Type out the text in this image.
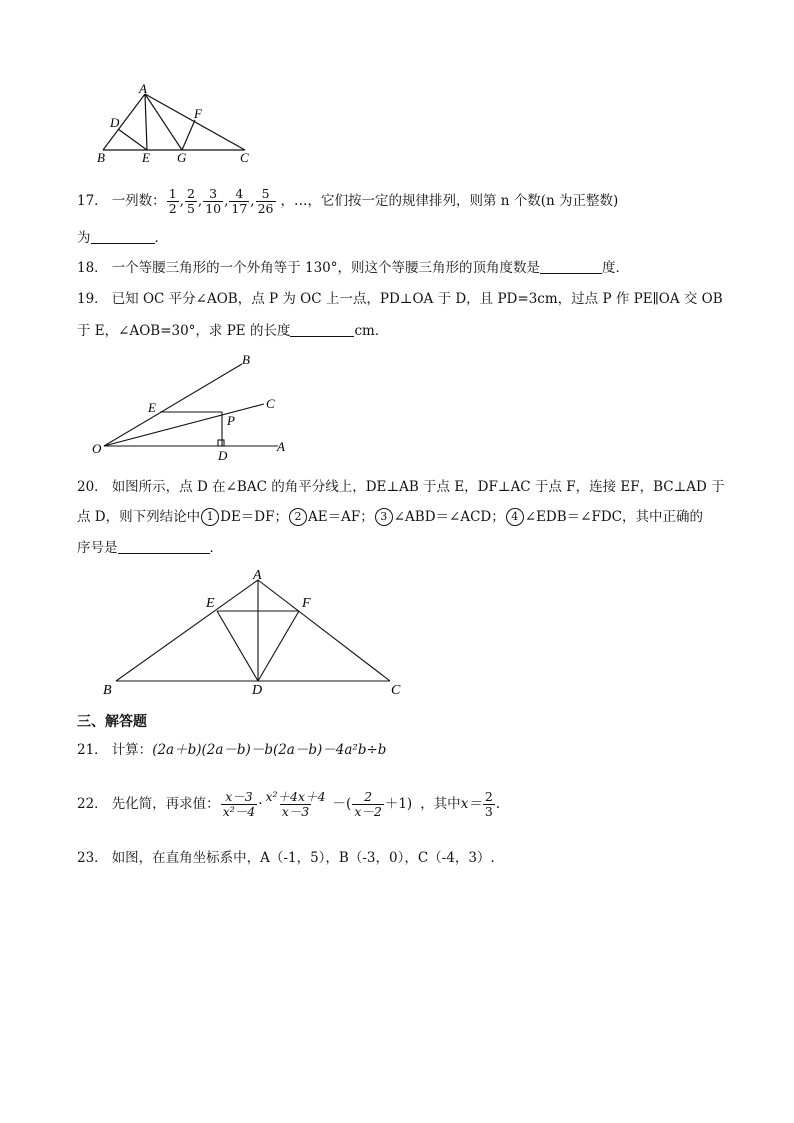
A
D
F
B	E G	C
17． 一列数： $\frac{1}{2}$ , $\frac{2}{5}$ , $\frac{3}{10}$ , $\frac{4}{17}$ , $\frac{5}{26}$ ，…，它们按一定的规律排列，则第 n 个数(n 为正整数)
为	．
18． 一个等腰三角形的一个外角等于 130°，则这个等腰三角形的顶角度数是	度．
19． 已知 OC 平分∠AOB，点 P 为 OC 上一点，PD⊥OA 于 D，且 PD=3cm，过点 P 作 PE∥OA 交 OB
于 E，∠AOB=30°，求 PE 的长度	cm．
O	A
B
C
E
P
D
20． 如图所示，点 D 在∠BAC 的角平分线上，DE⊥AB 于点 E，DF⊥AC 于点 F，连接 EF，BC⊥AD 于
点 D，则下列结论中 1 DE＝DF； 2 AE＝AF； 3 ∠ABD＝∠ACD； 4 ∠EDB＝∠FDC，其中正确的
序号是	．
A
E	F
B	D	C
三、解答题
21． 计算：(2a＋b)(2a－b)－b(2a－b)－4a²b÷b
22． 先化简，再求值： $\frac{x-3}{\text{x²－4}} \cdot \frac{\text{x²＋4x＋4}}{x-3}$ －( $\frac{2}{x-2} +1$) ，其中 $x= \frac{2}{3}$ .
23． 如图，在直角坐标系中，A（-1，5），B（-3，0），C（-4，3）.
